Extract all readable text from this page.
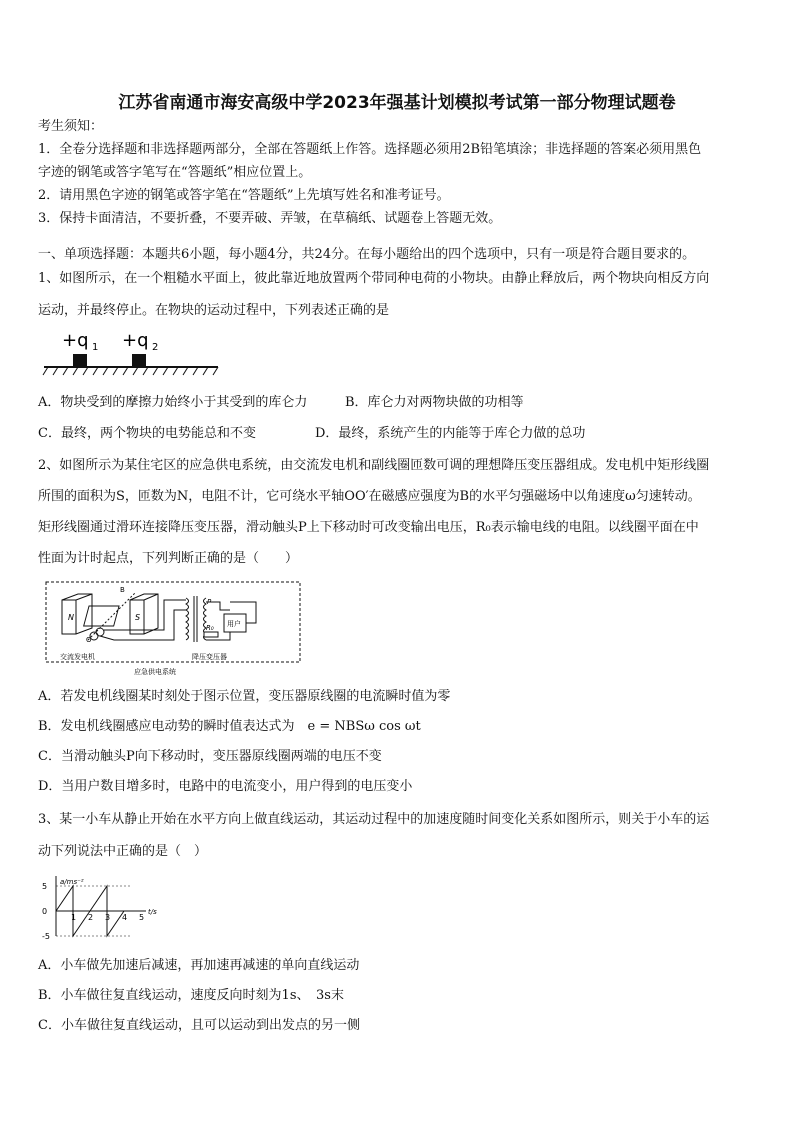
江苏省南通市海安高级中学2023年强基计划模拟考试第一部分物理试题卷
考生须知：
1．全卷分选择题和非选择题两部分，全部在答题纸上作答。选择题必须用2B铅笔填涂；非选择题的答案必须用黑色
字迹的钢笔或答字笔写在“答题纸”相应位置上。
2．请用黑色字迹的钢笔或答字笔在“答题纸”上先填写姓名和准考证号。
3．保持卡面清洁，不要折叠，不要弄破、弄皱，在草稿纸、试题卷上答题无效。
一、单项选择题：本题共6小题，每小题4分，共24分。在每小题给出的四个选项中，只有一项是符合题目要求的。
1、如图所示，在一个粗糙水平面上，彼此靠近地放置两个带同种电荷的小物块。由静止释放后，两个物块向相反方向
运动，并最终停止。在物块的运动过程中，下列表述正确的是
+q 1 +q 2
A．物块受到的摩擦力始终小于其受到的库仑力	B．库仑力对两物块做的功相等
C．最终，两个物块的电势能总和不变	D．最终，系统产生的内能等于库仑力做的总功
2、如图所示为某住宅区的应急供电系统，由交流发电机和副线圈匝数可调的理想降压变压器组成。发电机中矩形线圈
所围的面积为S，匝数为N，电阻不计，它可绕水平轴OO′在磁感应强度为B的水平匀强磁场中以角速度ω匀速转动。
矩形线圈通过滑环连接降压变压器，滑动触头P上下移动时可改变输出电压，R₀表示输电线的电阻。以线圈平面在中
性面为计时起点，下列判断正确的是（　　）
N	S
B
O
P
R₀ 用户
交流发电机	降压变压器
应急供电系统
A．若发电机线圈某时刻处于图示位置，变压器原线圈的电流瞬时值为零
B．发电机线圈感应电动势的瞬时值表达式为　e = NBSω cos ωt
C．当滑动触头P向下移动时，变压器原线圈两端的电压不变
D．当用户数目增多时，电路中的电流变小，用户得到的电压变小
3、某一小车从静止开始在水平方向上做直线运动，其运动过程中的加速度随时间变化关系如图所示，则关于小车的运
动下列说法中正确的是（　）
a/ms⁻²
t/s
5
0
-5
1 2 3 4 5
A．小车做先加速后减速，再加速再减速的单向直线运动
B．小车做往复直线运动，速度反向时刻为1s、　3s末
C．小车做往复直线运动，且可以运动到出发点的另一侧
